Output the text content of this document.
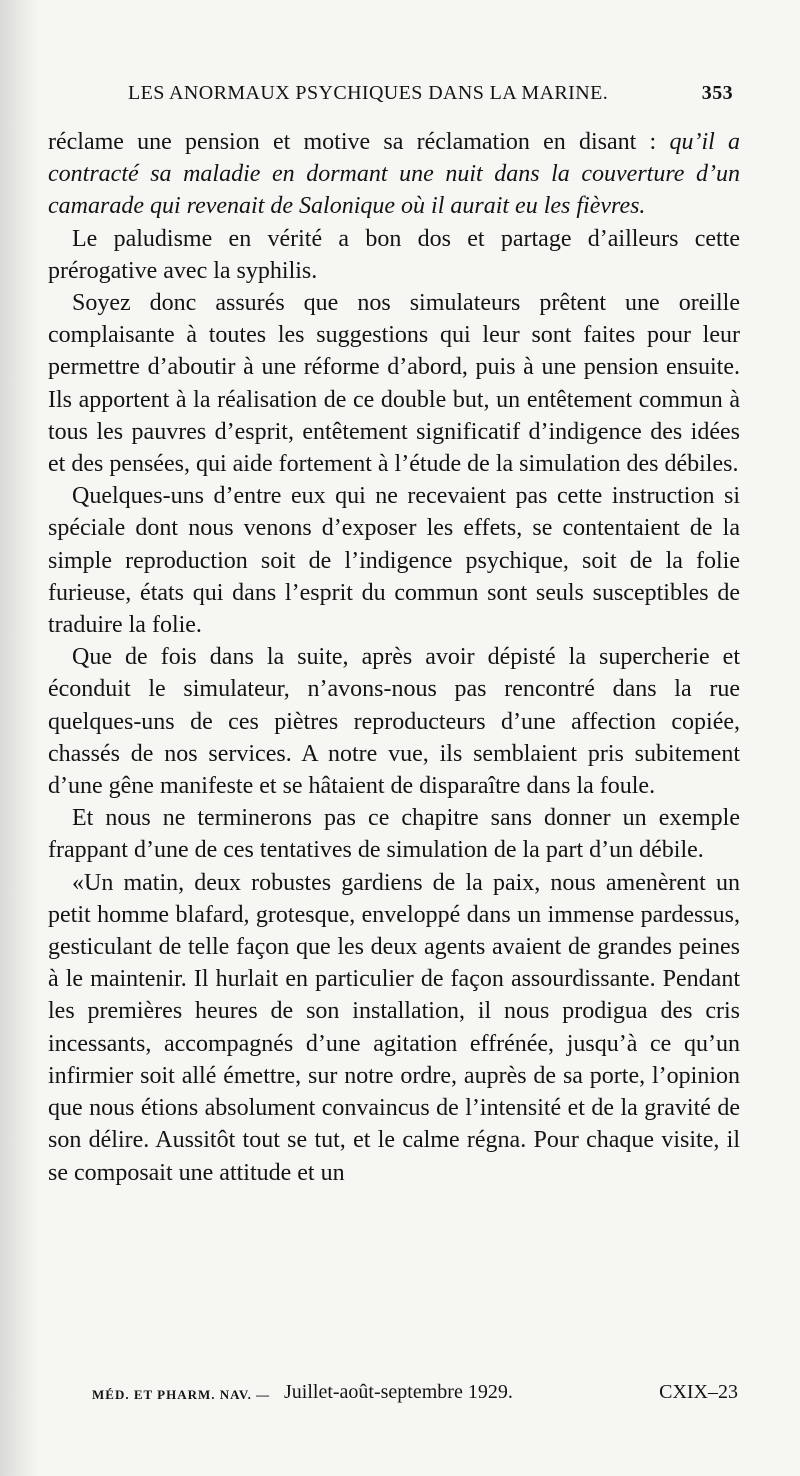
LES ANORMAUX PSYCHIQUES DANS LA MARINE.	353

réclame une pension et motive sa réclamation en disant : qu’il a contracté sa maladie en dormant une nuit dans la couverture d’un camarade qui revenait de Salonique où il aurait eu les fièvres.

Le paludisme en vérité a bon dos et partage d’ailleurs cette prérogative avec la syphilis.

Soyez donc assurés que nos simulateurs prêtent une oreille complaisante à toutes les suggestions qui leur sont faites pour leur permettre d’aboutir à une réforme d’abord, puis à une pension ensuite. Ils apportent à la réalisation de ce double but, un entêtement commun à tous les pauvres d’esprit, entêtement significatif d’indigence des idées et des pensées, qui aide fortement à l’étude de la simulation des débiles.

Quelques-uns d’entre eux qui ne recevaient pas cette instruction si spéciale dont nous venons d’exposer les effets, se contentaient de la simple reproduction soit de l’indigence psychique, soit de la folie furieuse, états qui dans l’esprit du commun sont seuls susceptibles de traduire la folie.

Que de fois dans la suite, après avoir dépisté la supercherie et éconduit le simulateur, n’avons-nous pas rencontré dans la rue quelques-uns de ces piètres reproducteurs d’une affection copiée, chassés de nos services. A notre vue, ils semblaient pris subitement d’une gêne manifeste et se hâtaient de disparaître dans la foule.

Et nous ne terminerons pas ce chapitre sans donner un exemple frappant d’une de ces tentatives de simulation de la part d’un débile.

«Un matin, deux robustes gardiens de la paix, nous amenèrent un petit homme blafard, grotesque, enveloppé dans un immense pardessus, gesticulant de telle façon que les deux agents avaient de grandes peines à le maintenir. Il hurlait en particulier de façon assourdissante. Pendant les premières heures de son installation, il nous prodigua des cris incessants, accompagnés d’une agitation effrénée, jusqu’à ce qu’un infirmier soit allé émettre, sur notre ordre, auprès de sa porte, l’opinion que nous étions absolument convaincus de l’intensité et de la gravité de son délire. Aussitôt tout se tut, et le calme régna. Pour chaque visite, il se composait une attitude et un

MÉD. ET PHARM. NAV. — Juillet-août-septembre 1929.	CXIX–23
